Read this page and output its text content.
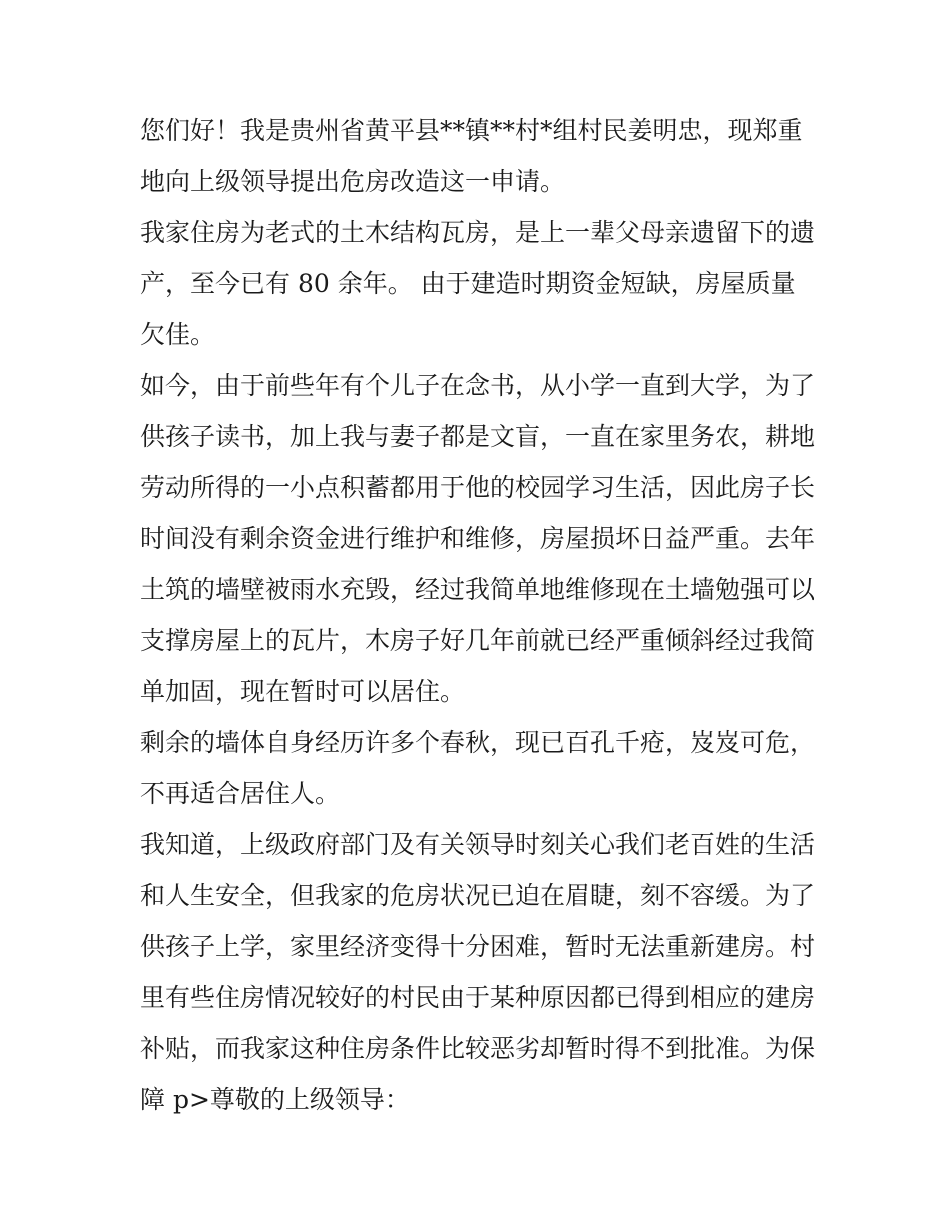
您们好！我是贵州省黄平县**镇**村*组村民姜明忠，现郑重地向上级领导提出危房改造这一申请。

我家住房为老式的土木结构瓦房，是上一辈父母亲遗留下的遗产，至今已有 80 余年。 由于建造时期资金短缺，房屋质量欠佳。

如今，由于前些年有个儿子在念书，从小学一直到大学，为了供孩子读书，加上我与妻子都是文盲，一直在家里务农，耕地劳动所得的一小点积蓄都用于他的校园学习生活，因此房子长时间没有剩余资金进行维护和维修，房屋损坏日益严重。去年土筑的墙壁被雨水充毁，经过我简单地维修现在土墙勉强可以支撑房屋上的瓦片，木房子好几年前就已经严重倾斜经过我简单加固，现在暂时可以居住。

剩余的墙体自身经历许多个春秋，现已百孔千疮，岌岌可危，不再适合居住人。

我知道，上级政府部门及有关领导时刻关心我们老百姓的生活和人生安全，但我家的危房状况已迫在眉睫，刻不容缓。为了供孩子上学，家里经济变得十分困难，暂时无法重新建房。村里有些住房情况较好的村民由于某种原因都已得到相应的建房补贴，而我家这种住房条件比较恶劣却暂时得不到批准。为保障 p>尊敬的上级领导：
